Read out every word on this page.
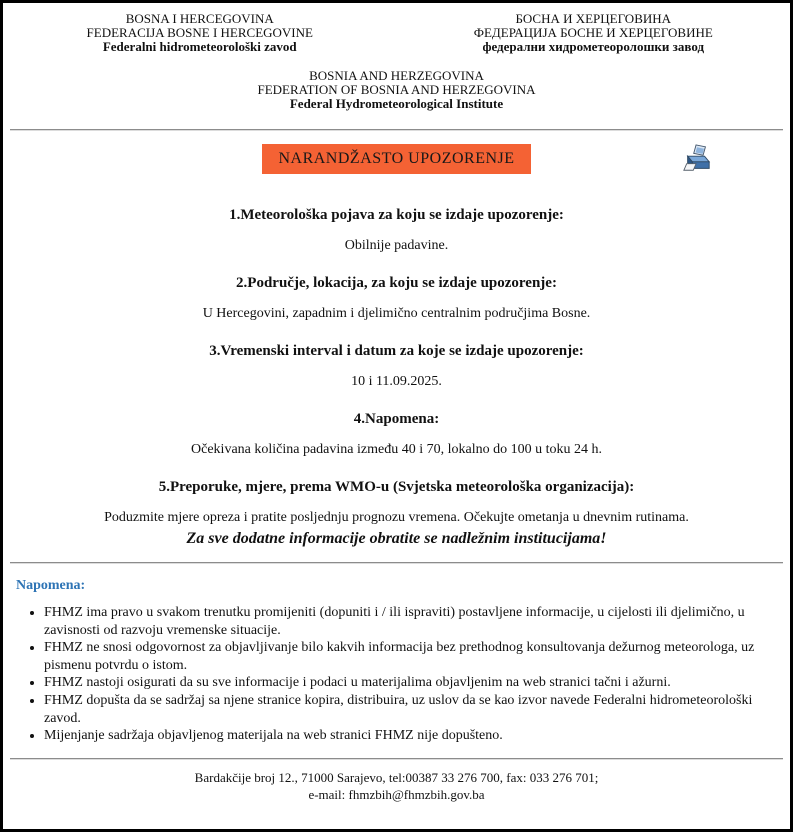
BOSNA I HERCEGOVINA
FEDERACIJA BOSNE I HERCEGOVINE
Federalni hidrometeorološki zavod
БОСНА И ХЕРЦЕГОВИНА
ФЕДЕРАЦИЈА БОСНЕ И ХЕРЦЕГОВИНЕ
федерални хидрометеоролошки завод
BOSNIA AND HERZEGOVINA
FEDERATION OF BOSNIA AND HERZEGOVINA
Federal Hydrometeorological Institute
NARANDŽASTO UPOZORENJE
1.Meteorološka pojava za koju se izdaje upozorenje:
Obilnije padavine.
2.Područje, lokacija, za koju se izdaje upozorenje:
U Hercegovini, zapadnim i djelimično centralnim područjima Bosne.
3.Vremenski interval i datum za koje se izdaje upozorenje:
10 i 11.09.2025.
4.Napomena:
Očekivana količina padavina između 40 i 70, lokalno do 100 u toku 24 h.
5.Preporuke, mjere, prema WMO-u (Svjetska meteorološka organizacija):
Poduzmite mjere opreza i pratite posljednju prognozu vremena. Očekujte ometanja u dnevnim rutinama.
Za sve dodatne informacije obratite se nadležnim institucijama!
Napomena:
• FHMZ ima pravo u svakom trenutku promijeniti (dopuniti i / ili ispraviti) postavljene informacije, u cijelosti ili djelimično, u zavisnosti od razvoju vremenske situacije.
• FHMZ ne snosi odgovornost za objavljivanje bilo kakvih informacija bez prethodnog konsultovanja dežurnog meteorologa, uz pismenu potvrdu o istom.
• FHMZ nastoji osigurati da su sve informacije i podaci u materijalima objavljenim na web stranici tačni i ažurni.
• FHMZ dopušta da se sadržaj sa njene stranice kopira, distribuira, uz uslov da se kao izvor navede Federalni hidrometeorološki zavod.
• Mijenjanje sadržaja objavljenog materijala na web stranici FHMZ nije dopušteno.
Bardakčije broj 12., 71000 Sarajevo, tel:00387 33 276 700, fax: 033 276 701;
e-mail: fhmzbih@fhmzbih.gov.ba
